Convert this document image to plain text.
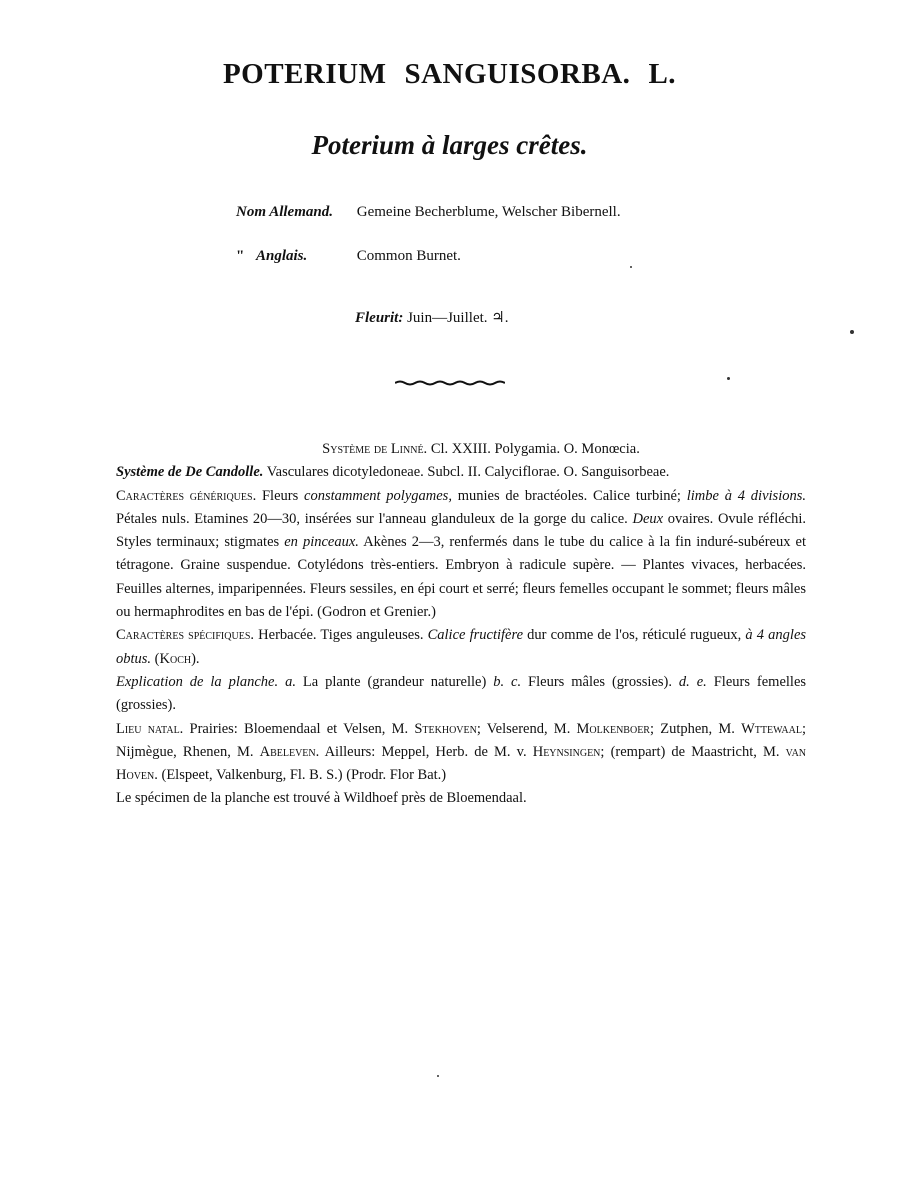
POTERIUM SANGUISORBA. L.
Poterium à larges crêtes.
Nom Allemand. Gemeine Becherblume, Welscher Bibernell.
" Anglais.	Common Burnet.
Fleurit: Juin—Juillet. ♃.

Système de Linné. Cl. XXIII. Polygamia. O. Monœcia.

Système de De Candolle. Vasculares dicotyledoneae. Subcl. II. Calyciflorae. O. Sanguisorbeae.

Caractères génériques. Fleurs constamment polygames, munies de bractéoles. Calice turbiné; limbe à 4 divisions. Pétales nuls. Etamines 20—30, insérées sur l'anneau glanduleux de la gorge du calice. Deux ovaires. Ovule réfléchi. Styles terminaux; stigmates en pinceaux. Akènes 2—3, renfermés dans le tube du calice à la fin induré-subéreux et tétragone. Graine suspendue. Cotylédons très-entiers. Embryon à radicule supère. — Plantes vivaces, herbacées. Feuilles alternes, imparipennées. Fleurs sessiles, en épi court et serré; fleurs femelles occupant le sommet; fleurs mâles ou hermaphrodites en bas de l'épi. (Godron et Grenier.)

Caractères spécifiques. Herbacée. Tiges anguleuses. Calice fructifère dur comme de l'os, réticulé rugueux, à 4 angles obtus. (Koch).

Explication de la planche. a. La plante (grandeur naturelle) b. c. Fleurs mâles (grossies). d. e. Fleurs femelles (grossies).

Lieu natal. Prairies: Bloemendaal et Velsen, M. Stekhoven; Velserend, M. Molkenboer; Zutphen, M. Wttewaal; Nijmègue, Rhenen, M. Abeleven. Ailleurs: Meppel, Herb. de M. v. Heynsingen; (rempart) de Maastricht, M. van Hoven. (Elspeet, Valkenburg, Fl. B. S.) (Prodr. Flor Bat.)

Le spécimen de la planche est trouvé à Wildhoef près de Bloemendaal.
